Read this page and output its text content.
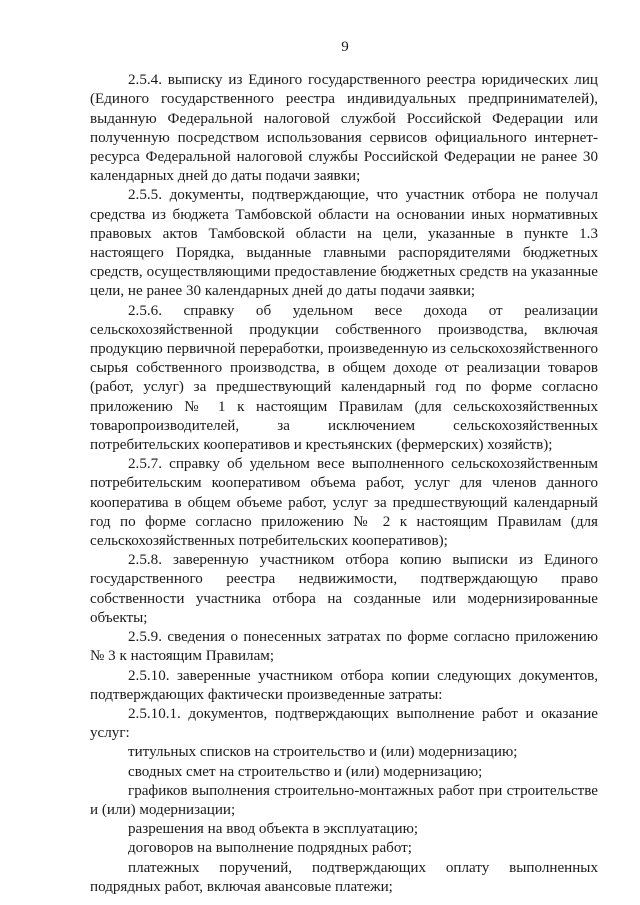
9

2.5.4. выписку из Единого государственного реестра юридических лиц (Единого государственного реестра индивидуальных предпринимателей), выданную Федеральной налоговой службой Российской Федерации или полученную посредством использования сервисов официального интернет-ресурса Федеральной налоговой службы Российской Федерации не ранее 30 календарных дней до даты подачи заявки;

2.5.5. документы, подтверждающие, что участник отбора не получал средства из бюджета Тамбовской области на основании иных нормативных правовых актов Тамбовской области на цели, указанные в пункте 1.3 настоящего Порядка, выданные главными распорядителями бюджетных средств, осуществляющими предоставление бюджетных средств на указанные цели, не ранее 30 календарных дней до даты подачи заявки;

2.5.6. справку об удельном весе дохода от реализации сельскохозяйственной продукции собственного производства, включая продукцию первичной переработки, произведенную из сельскохозяйственного сырья собственного производства, в общем доходе от реализации товаров (работ, услуг) за предшествующий календарный год по форме согласно приложению № 1 к настоящим Правилам (для сельскохозяйственных товаропроизводителей, за исключением сельскохозяйственных потребительских кооперативов и крестьянских (фермерских) хозяйств);

2.5.7. справку об удельном весе выполненного сельскохозяйственным потребительским кооперативом объема работ, услуг для членов данного кооператива в общем объеме работ, услуг за предшествующий календарный год по форме согласно приложению № 2 к настоящим Правилам (для сельскохозяйственных потребительских кооперативов);

2.5.8. заверенную участником отбора копию выписки из Единого государственного реестра недвижимости, подтверждающую право собственности участника отбора на созданные или модернизированные объекты;

2.5.9. сведения о понесенных затратах по форме согласно приложению № 3 к настоящим Правилам;

2.5.10. заверенные участником отбора копии следующих документов, подтверждающих фактически произведенные затраты:

2.5.10.1. документов, подтверждающих выполнение работ и оказание услуг:

титульных списков на строительство и (или) модернизацию;

сводных смет на строительство и (или) модернизацию;

графиков выполнения строительно-монтажных работ при строительстве и (или) модернизации;

разрешения на ввод объекта в эксплуатацию;

договоров на выполнение подрядных работ;

платежных поручений, подтверждающих оплату выполненных подрядных работ, включая авансовые платежи;
